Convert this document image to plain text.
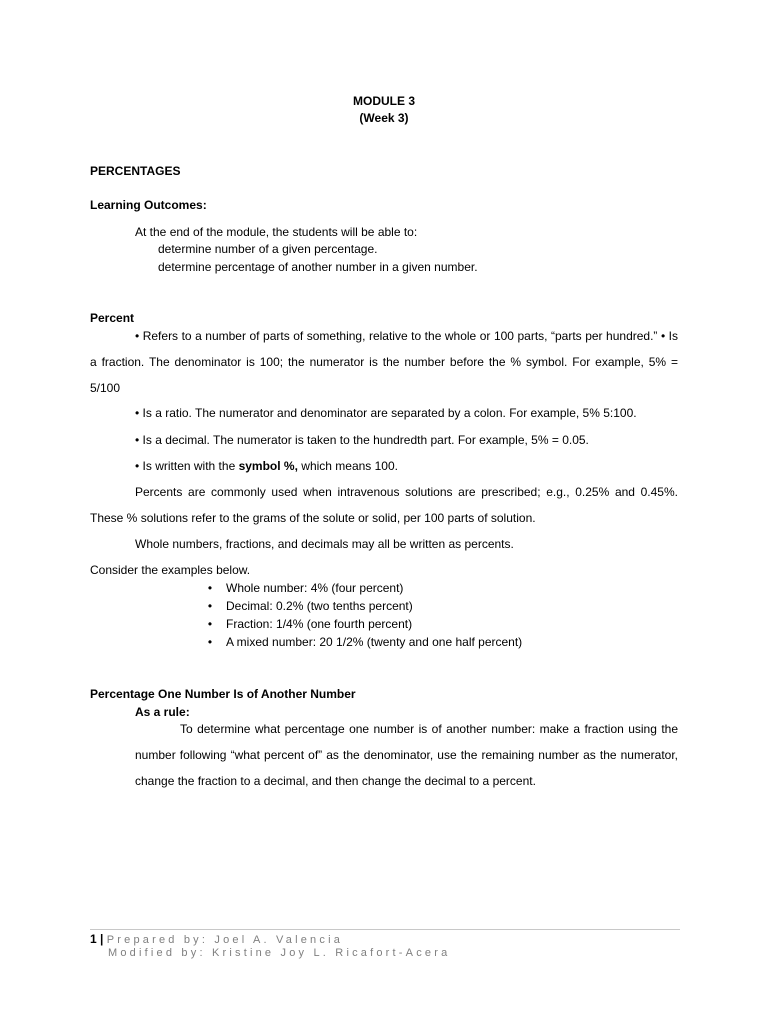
MODULE 3
(Week 3)
PERCENTAGES
Learning Outcomes:
At the end of the module, the students will be able to:
determine number of a given percentage.
determine percentage of another number in a given number.
Percent
• Refers to a number of parts of something, relative to the whole or 100 parts, “parts per hundred.” • Is a fraction. The denominator is 100; the numerator is the number before the % symbol. For example, 5% = 5/100
• Is a ratio. The numerator and denominator are separated by a colon. For example, 5% 5:100.
• Is a decimal. The numerator is taken to the hundredth part. For example, 5% = 0.05.
• Is written with the symbol %, which means 100.
Percents are commonly used when intravenous solutions are prescribed; e.g., 0.25% and 0.45%. These % solutions refer to the grams of the solute or solid, per 100 parts of solution.
Whole numbers, fractions, and decimals may all be written as percents.
Consider the examples below.
•	Whole number: 4% (four percent)
•	Decimal: 0.2% (two tenths percent)
•	Fraction: 1/4% (one fourth percent)
•	A mixed number: 20 1/2% (twenty and one half percent)
Percentage One Number Is of Another Number
As a rule:
To determine what percentage one number is of another number: make a fraction using the number following “what percent of” as the denominator, use the remaining number as the numerator, change the fraction to a decimal, and then change the decimal to a percent.
1 | Prepared by: Joel A. Valencia
Modified by: Kristine Joy L. Ricafort-Acera
